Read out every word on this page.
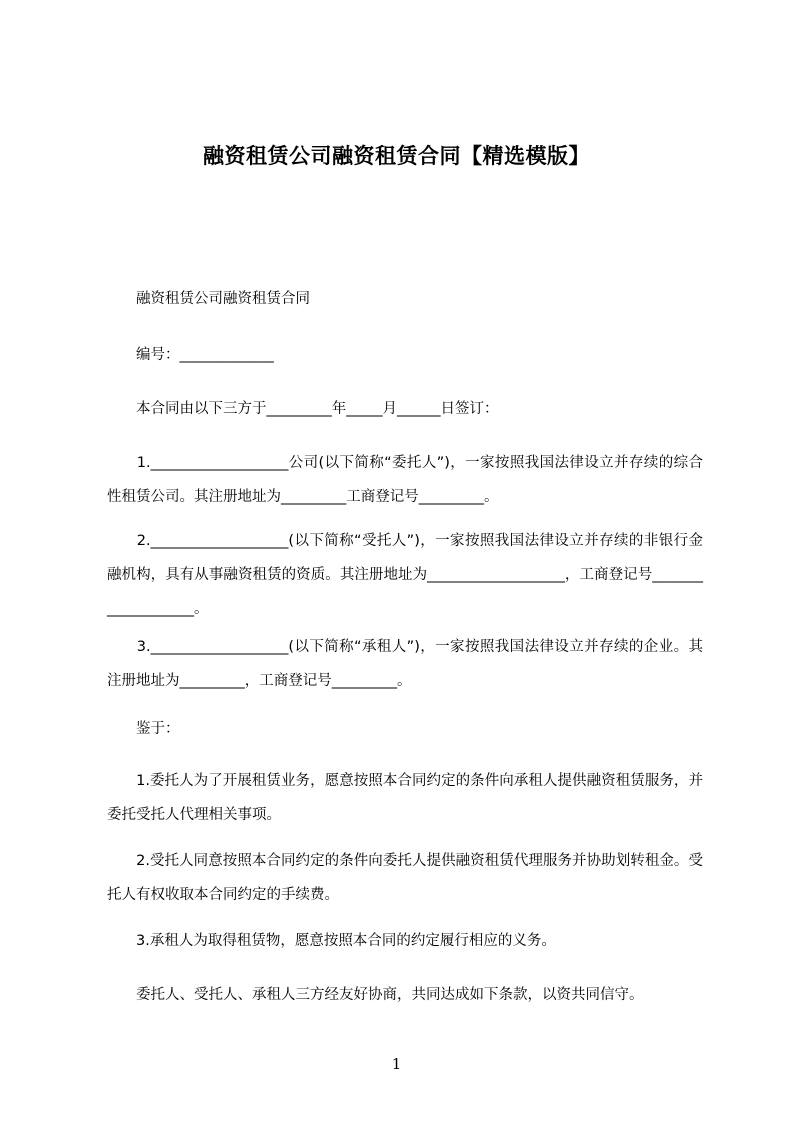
融资租赁公司融资租赁合同【精选模版】

　　融资租赁公司融资租赁合同

　　编号：_____________

　　本合同由以下三方于_________年_____月______日签订：

　　1.___________________公司(以下简称“委托人”)，一家按照我国法律设立并存续的综合性租赁公司。其注册地址为_________工商登记号_________。

　　2.___________________(以下简称“受托人”)，一家按照我国法律设立并存续的非银行金融机构，具有从事融资租赁的资质。其注册地址为___________________，工商登记号___________________。

　　3.___________________(以下简称“承租人”)，一家按照我国法律设立并存续的企业。其注册地址为_________，工商登记号_________。

　　鉴于：

　　1.委托人为了开展租赁业务，愿意按照本合同约定的条件向承租人提供融资租赁服务，并委托受托人代理相关事项。

　　2.受托人同意按照本合同约定的条件向委托人提供融资租赁代理服务并协助划转租金。受托人有权收取本合同约定的手续费。

　　3.承租人为取得租赁物，愿意按照本合同的约定履行相应的义务。

　　委托人、受托人、承租人三方经友好协商，共同达成如下条款，以资共同信守。

1
